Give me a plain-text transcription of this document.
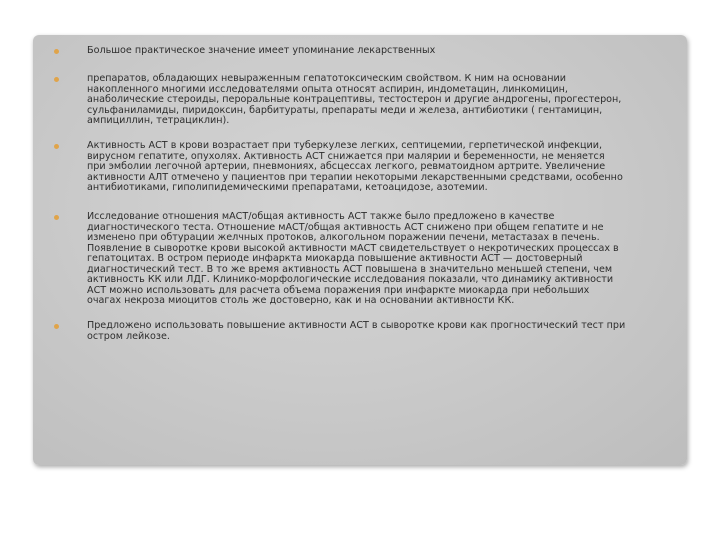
Большое практическое значение имеет упоминание лекарственных
препаратов, обладающих невыраженным гепатотоксическим свойством. К ним на основании
накопленного многими исследователями опыта относят аспирин, индометацин, линкомицин,
анаболические стероиды, пероральные контрацептивы, тестостерон и другие андрогены, прогестерон,
сульфаниламиды, пиридоксин, барбитураты, препараты меди и железа, антибиотики ( гентамицин,
ампициллин, тетрациклин).
Активность АСТ в крови возрастает при туберкулезе легких, септицемии, герпетической инфекции,
вирусном гепатите, опухолях. Активность АСТ снижается при малярии и беременности, не меняется
при эмболии легочной артерии, пневмониях, абсцессах легкого, ревматоидном артрите. Увеличение
активности АЛТ отмечено у пациентов при терапии некоторыми лекарственными средствами, особенно
антибиотиками, гиполипидемическими препаратами, кетоацидозе, азотемии.
Исследование отношения мАСТ/общая активность АСТ также было предложено в качестве
диагностического теста. Отношение мАСТ/общая активность АСТ снижено при общем гепатите и не
изменено при обтурации желчных протоков, алкогольном поражении печени, метастазах в печень.
Появление в сыворотке крови высокой активности мАСТ свидетельствует о некротических процессах в
гепатоцитах. В остром периоде инфаркта миокарда повышение активности АСТ — достоверный
диагностический тест. В то же время активность АСТ повышена в значительно меньшей степени, чем
активность КК или ЛДГ. Клинико-морфологические исследования показали, что динамику активности
АСТ можно использовать для расчета объема поражения при инфаркте миокарда при небольших
очагах некроза миоцитов столь же достоверно, как и на основании активности КК.
Предложено использовать повышение активности АСТ в сыворотке крови как прогностический тест при
остром лейкозе.
